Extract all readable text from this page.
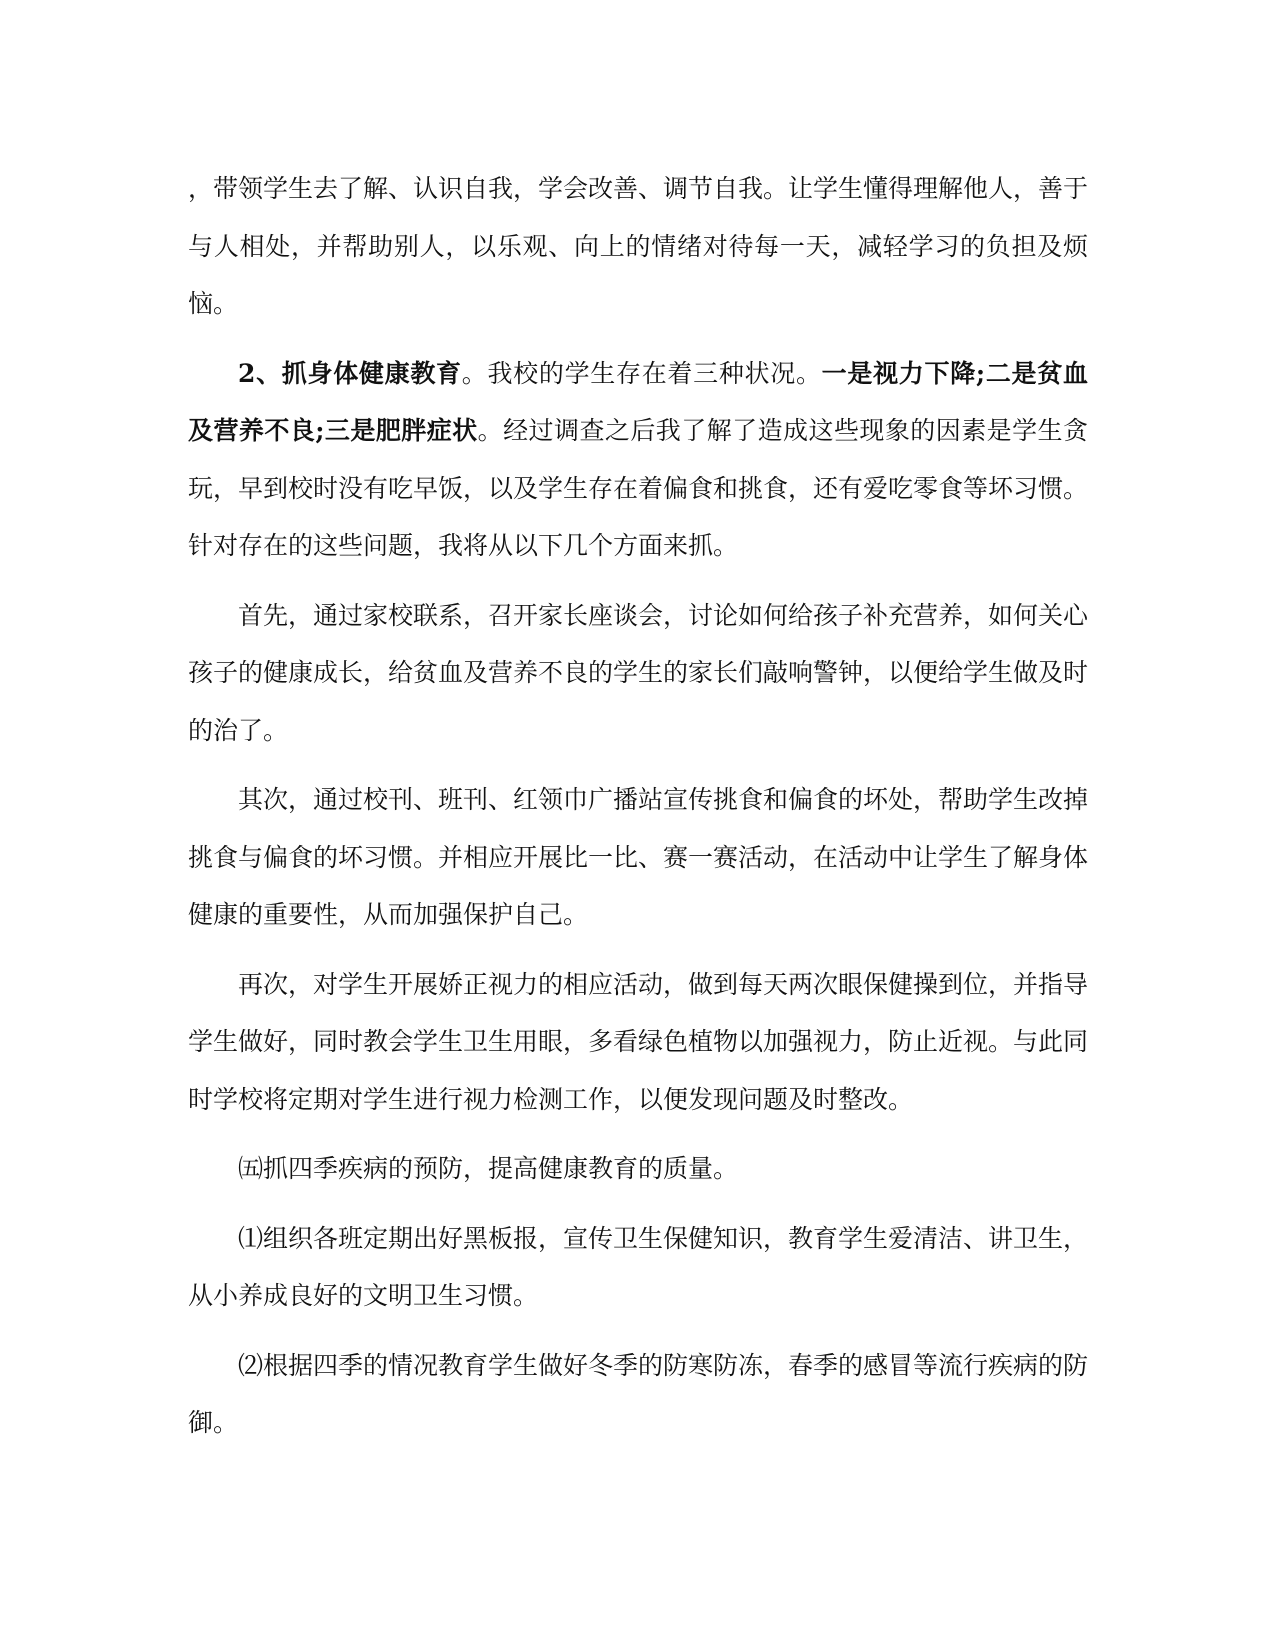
，带领学生去了解、认识自我，学会改善、调节自我。让学生懂得理解他人，善于与人相处，并帮助别人，以乐观、向上的情绪对待每一天，减轻学习的负担及烦恼。

2、抓身体健康教育。我校的学生存在着三种状况。一是视力下降;二是贫血及营养不良;三是肥胖症状。经过调查之后我了解了造成这些现象的因素是学生贪玩，早到校时没有吃早饭，以及学生存在着偏食和挑食，还有爱吃零食等坏习惯。针对存在的这些问题，我将从以下几个方面来抓。

首先，通过家校联系，召开家长座谈会，讨论如何给孩子补充营养，如何关心孩子的健康成长，给贫血及营养不良的学生的家长们敲响警钟，以便给学生做及时的治了。

其次，通过校刊、班刊、红领巾广播站宣传挑食和偏食的坏处，帮助学生改掉挑食与偏食的坏习惯。并相应开展比一比、赛一赛活动，在活动中让学生了解身体健康的重要性，从而加强保护自己。

再次，对学生开展娇正视力的相应活动，做到每天两次眼保健操到位，并指导学生做好，同时教会学生卫生用眼，多看绿色植物以加强视力，防止近视。与此同时学校将定期对学生进行视力检测工作，以便发现问题及时整改。

㈤抓四季疾病的预防，提高健康教育的质量。

⑴组织各班定期出好黑板报，宣传卫生保健知识，教育学生爱清洁、讲卫生，从小养成良好的文明卫生习惯。

⑵根据四季的情况教育学生做好冬季的防寒防冻，春季的感冒等流行疾病的防御。
